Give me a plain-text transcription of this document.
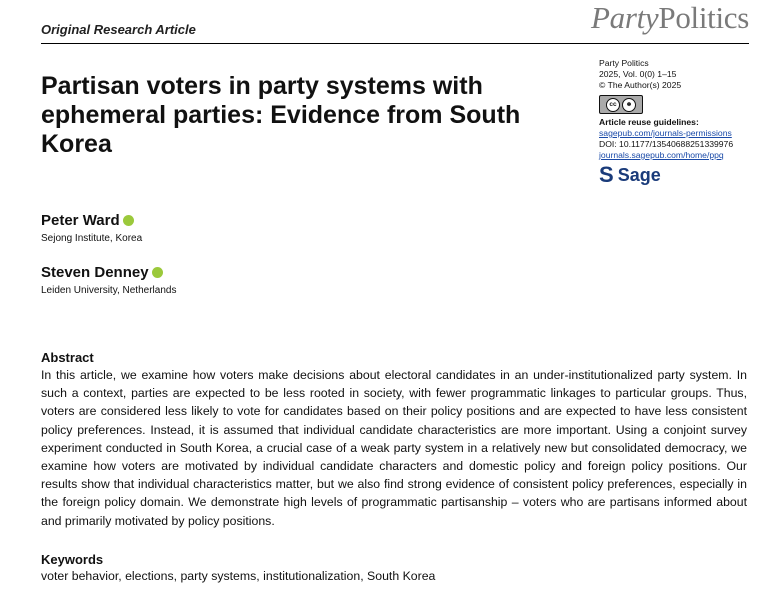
Original Research Article	PartyPolitics
Partisan voters in party systems with ephemeral parties: Evidence from South Korea
Party Politics
2025, Vol. 0(0) 1–15
© The Author(s) 2025
cc	☻
Article reuse guidelines:
sagepub.com/journals-permissions
DOI: 10.1177/13540688251339976
journals.sagepub.com/home/ppq
S Sage
Peter Ward
Sejong Institute, Korea
Steven Denney
Leiden University, Netherlands
Abstract
In this article, we examine how voters make decisions about electoral candidates in an under-institutionalized party system. In such a context, parties are expected to be less rooted in society, with fewer programmatic linkages to particular groups. Thus, voters are considered less likely to vote for candidates based on their policy positions and are expected to have less consistent policy preferences. Instead, it is assumed that individual candidate characteristics are more important. Using a conjoint survey experiment conducted in South Korea, a crucial case of a weak party system in a relatively new but consolidated democracy, we examine how voters are motivated by individual candidate characters and domestic policy and foreign policy positions. Our results show that individual characteristics matter, but we also find strong evidence of consistent policy preferences, especially in the foreign policy domain. We demonstrate high levels of programmatic partisanship – voters who are partisans informed about and primarily motivated by policy positions.
Keywords
voter behavior, elections, party systems, institutionalization, South Korea
